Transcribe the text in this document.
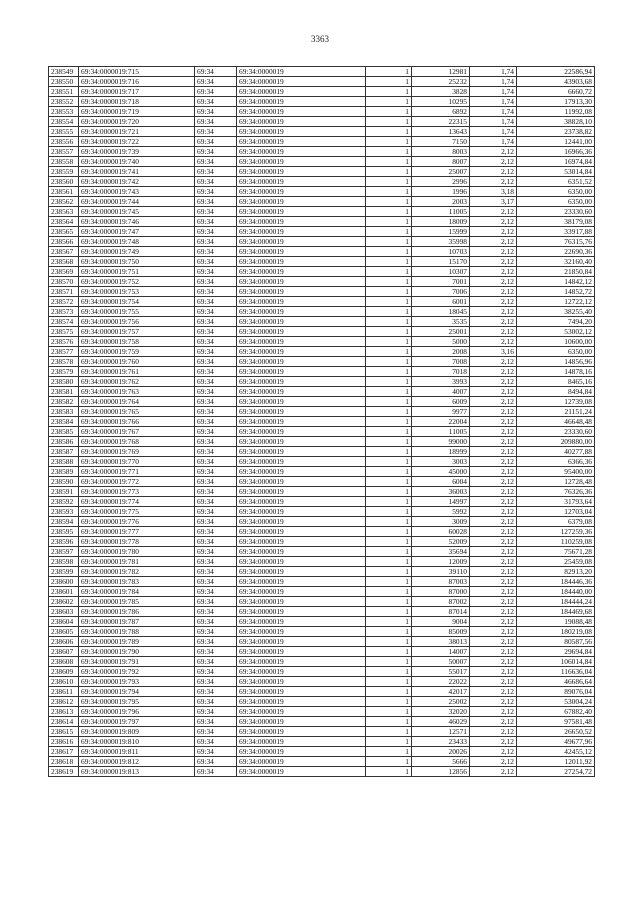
3363
238549	69:34:0000019:715	69:34	69:34:0000019	1	12981	1,74	22586,94
238550	69:34:0000019:716	69:34	69:34:0000019	1	25232	1,74	43903,68
238551	69:34:0000019:717	69:34	69:34:0000019	1	3828	1,74	6660,72
238552	69:34:0000019:718	69:34	69:34:0000019	1	10295	1,74	17913,30
238553	69:34:0000019:719	69:34	69:34:0000019	1	6892	1,74	11992,08
238554	69:34:0000019:720	69:34	69:34:0000019	1	22315	1,74	38828,10
238555	69:34:0000019:721	69:34	69:34:0000019	1	13643	1,74	23738,82
238556	69:34:0000019:722	69:34	69:34:0000019	1	7150	1,74	12441,00
238557	69:34:0000019:739	69:34	69:34:0000019	1	8003	2,12	16966,36
238558	69:34:0000019:740	69:34	69:34:0000019	1	8007	2,12	16974,84
238559	69:34:0000019:741	69:34	69:34:0000019	1	25007	2,12	53014,84
238560	69:34:0000019:742	69:34	69:34:0000019	1	2996	2,12	6351,52
238561	69:34:0000019:743	69:34	69:34:0000019	1	1996	3,18	6350,00
238562	69:34:0000019:744	69:34	69:34:0000019	1	2003	3,17	6350,00
238563	69:34:0000019:745	69:34	69:34:0000019	1	11005	2,12	23330,60
238564	69:34:0000019:746	69:34	69:34:0000019	1	18009	2,12	38179,08
238565	69:34:0000019:747	69:34	69:34:0000019	1	15999	2,12	33917,88
238566	69:34:0000019:748	69:34	69:34:0000019	1	35998	2,12	76315,76
238567	69:34:0000019:749	69:34	69:34:0000019	1	10703	2,12	22690,36
238568	69:34:0000019:750	69:34	69:34:0000019	1	15170	2,12	32160,40
238569	69:34:0000019:751	69:34	69:34:0000019	1	10307	2,12	21850,84
238570	69:34:0000019:752	69:34	69:34:0000019	1	7001	2,12	14842,12
238571	69:34:0000019:753	69:34	69:34:0000019	1	7006	2,12	14852,72
238572	69:34:0000019:754	69:34	69:34:0000019	1	6001	2,12	12722,12
238573	69:34:0000019:755	69:34	69:34:0000019	1	18045	2,12	38255,40
238574	69:34:0000019:756	69:34	69:34:0000019	1	3535	2,12	7494,20
238575	69:34:0000019:757	69:34	69:34:0000019	1	25001	2,12	53002,12
238576	69:34:0000019:758	69:34	69:34:0000019	1	5000	2,12	10600,00
238577	69:34:0000019:759	69:34	69:34:0000019	1	2008	3,16	6350,00
238578	69:34:0000019:760	69:34	69:34:0000019	1	7008	2,12	14856,96
238579	69:34:0000019:761	69:34	69:34:0000019	1	7018	2,12	14878,16
238580	69:34:0000019:762	69:34	69:34:0000019	1	3993	2,12	8465,16
238581	69:34:0000019:763	69:34	69:34:0000019	1	4007	2,12	8494,84
238582	69:34:0000019:764	69:34	69:34:0000019	1	6009	2,12	12739,08
238583	69:34:0000019:765	69:34	69:34:0000019	1	9977	2,12	21151,24
238584	69:34:0000019:766	69:34	69:34:0000019	1	22004	2,12	46648,48
238585	69:34:0000019:767	69:34	69:34:0000019	1	11005	2,12	23330,60
238586	69:34:0000019:768	69:34	69:34:0000019	1	99000	2,12	209880,00
238587	69:34:0000019:769	69:34	69:34:0000019	1	18999	2,12	40277,88
238588	69:34:0000019:770	69:34	69:34:0000019	1	3003	2,12	6366,36
238589	69:34:0000019:771	69:34	69:34:0000019	1	45000	2,12	95400,00
238590	69:34:0000019:772	69:34	69:34:0000019	1	6004	2,12	12728,48
238591	69:34:0000019:773	69:34	69:34:0000019	1	36003	2,12	76326,36
238592	69:34:0000019:774	69:34	69:34:0000019	1	14997	2,12	31793,64
238593	69:34:0000019:775	69:34	69:34:0000019	1	5992	2,12	12703,04
238594	69:34:0000019:776	69:34	69:34:0000019	1	3009	2,12	6379,08
238595	69:34:0000019:777	69:34	69:34:0000019	1	60028	2,12	127259,36
238596	69:34:0000019:778	69:34	69:34:0000019	1	52009	2,12	110259,08
238597	69:34:0000019:780	69:34	69:34:0000019	1	35694	2,12	75671,28
238598	69:34:0000019:781	69:34	69:34:0000019	1	12009	2,12	25459,08
238599	69:34:0000019:782	69:34	69:34:0000019	1	39110	2,12	82913,20
238600	69:34:0000019:783	69:34	69:34:0000019	1	87003	2,12	184446,36
238601	69:34:0000019:784	69:34	69:34:0000019	1	87000	2,12	184440,00
238602	69:34:0000019:785	69:34	69:34:0000019	1	87002	2,12	184444,24
238603	69:34:0000019:786	69:34	69:34:0000019	1	87014	2,12	184469,68
238604	69:34:0000019:787	69:34	69:34:0000019	1	9004	2,12	19088,48
238605	69:34:0000019:788	69:34	69:34:0000019	1	85009	2,12	180219,08
238606	69:34:0000019:789	69:34	69:34:0000019	1	38013	2,12	80587,56
238607	69:34:0000019:790	69:34	69:34:0000019	1	14007	2,12	29694,84
238608	69:34:0000019:791	69:34	69:34:0000019	1	50007	2,12	106014,84
238609	69:34:0000019:792	69:34	69:34:0000019	1	55017	2,12	116636,04
238610	69:34:0000019:793	69:34	69:34:0000019	1	22022	2,12	46686,64
238611	69:34:0000019:794	69:34	69:34:0000019	1	42017	2,12	89076,04
238612	69:34:0000019:795	69:34	69:34:0000019	1	25002	2,12	53004,24
238613	69:34:0000019:796	69:34	69:34:0000019	1	32020	2,12	67882,40
238614	69:34:0000019:797	69:34	69:34:0000019	1	46029	2,12	97581,48
238615	69:34:0000019:809	69:34	69:34:0000019	1	12571	2,12	26650,52
238616	69:34:0000019:810	69:34	69:34:0000019	1	23433	2,12	49677,96
238617	69:34:0000019:811	69:34	69:34:0000019	1	20026	2,12	42455,12
238618	69:34:0000019:812	69:34	69:34:0000019	1	5666	2,12	12011,92
238619	69:34:0000019:813	69:34	69:34:0000019	1	12856	2,12	27254,72
